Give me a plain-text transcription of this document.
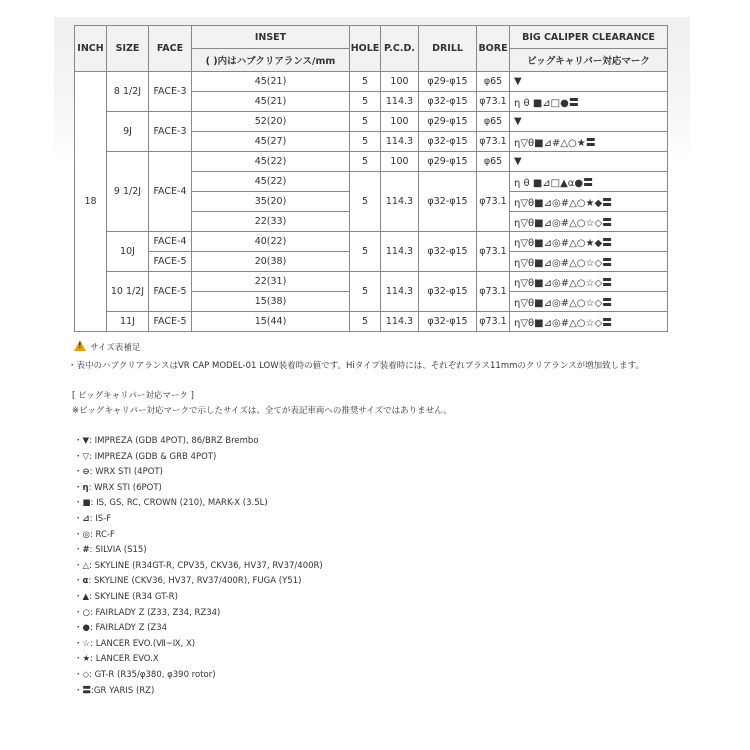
INCH	SIZE	FACE	INSET	HOLE	P.C.D.	DRILL	BORE	BIG CALIPER CLEARANCE
			( )内はハブクリアランス/mm					ビッグキャリパー対応マーク
18	8 1/2J	FACE-3	45(21)	5	100	φ29-φ15	φ65	▼
			45(21)	5	114.3	φ32-φ15	φ73.1	η θ ■⊿□●〓
	9J	FACE-3	52(20)	5	100	φ29-φ15	φ65	▼
			45(27)	5	114.3	φ32-φ15	φ73.1	η▽θ■⊿#△○★〓
	9 1/2J	FACE-4	45(22)	5	100	φ29-φ15	φ65	▼
			45(22)	5	114.3	φ32-φ15	φ73.1	η θ ■⊿□▲α●〓
			35(20)					η▽θ■⊿◎#△○★◆〓
			22(33)					η▽θ■⊿◎#△○☆◇〓
	10J	FACE-4	40(22)	5	114.3	φ32-φ15	φ73.1	η▽θ■⊿◎#△○★◆〓
		FACE-5	20(38)					η▽θ■⊿◎#△○☆◇〓
	10 1/2J	FACE-5	22(31)	5	114.3	φ32-φ15	φ73.1	η▽θ■⊿◎#△○☆◇〓
			15(38)					η▽θ■⊿◎#△○☆◇〓
	11J	FACE-5	15(44)	5	114.3	φ32-φ15	φ73.1	η▽θ■⊿◎#△○☆◇〓
!サイズ表補足
・表中のハブクリアランスはVR CAP MODEL-01 LOW装着時の値です。Hiタイプ装着時には、それぞれプラス11mmのクリアランスが増加致します。
[ ビッグキャリパー対応マーク ]
※ビッグキャリパー対応マークで示したサイズは、全てが表記車両への推奨サイズではありません。
・▼: IMPREZA (GDB 4POT), 86/BRZ Brembo
・▽: IMPREZA (GDB & GRB 4POT)
・⊖: WRX STI (4POT)
・η: WRX STI (6POT)
・■: IS, GS, RC, CROWN (210), MARK-X (3.5L)
・⊿: IS-F
・◎: RC-F
・#: SILVIA (S15)
・△: SKYLINE (R34GT-R, CPV35, CKV36, HV37, RV37/400R)
・α: SKYLINE (CKV36, HV37, RV37/400R), FUGA (Y51)
・▲: SKYLINE (R34 GT-R)
・○: FAIRLADY Z (Z33, Z34, RZ34)
・●: FAIRLADY Z (Z34
・☆: LANCER EVO.(Ⅶ~Ⅸ, Ⅹ)
・★: LANCER EVO.Ⅹ
・◇: GT-R (R35/φ380, φ390 rotor)
・〓:GR YARIS (RZ)
